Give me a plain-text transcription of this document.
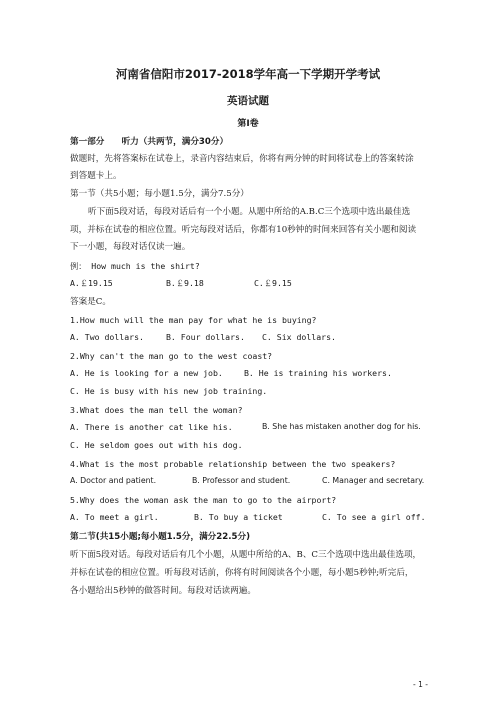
河南省信阳市2017-2018学年高一下学期开学考试
英语试题
第Ⅰ卷
第一部分　　听力（共两节，满分30分）
做题时，先将答案标在试卷上，录音内容结束后，你将有两分钟的时间将试卷上的答案转涂
到答题卡上。
第一节（共5小题；每小题1.5分，满分7.5分）
听下面5段对话，每段对话后有一个小题。从题中所给的A.B.C三个选项中选出最佳选
项，并标在试卷的相应位置。听完每段对话后，你都有10秒钟的时间来回答有关小题和阅读
下一小题，每段对话仅读一遍。
例： How much is the shirt?
A.￡19.15	B.￡9.18	C.￡9.15
答案是C。
1.How much will the man pay for what he is buying?
A. Two dollars.	B. Four dollars. C. Six dollars.
2.Why can't the man go to the west coast?
A. He is looking for a new job.	B. He is training his workers.
C. He is busy with his new job training.
3.What does the man tell the woman?
A. There is another cat like his.	B. She has mistaken another dog for his.
C. He seldom goes out with his dog.
4.What is the most probable relationship between the two speakers?
A. Doctor and patient.	B. Professor and student.	C. Manager and secretary.
5.Why does the woman ask the man to go to the airport?
A. To meet a girl.	B. To buy a ticket	C. To see a girl off.
第二节(共15小题;每小题1.5分，满分22.5分)
听下面5段对话。每段对话后有几个小题，从题中所给的A、B、C三个选项中选出最佳选项，
并标在试卷的相应位置。听每段对话前，你将有时间阅读各个小题，每小题5秒钟;听完后，
各小题给出5秒钟的做答时间。每段对话读两遍。
- 1 -
